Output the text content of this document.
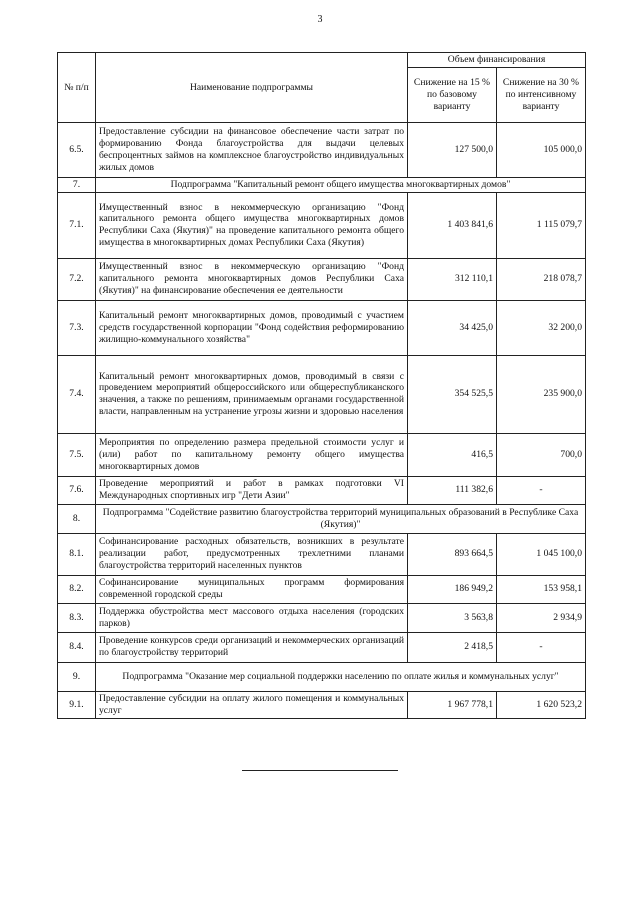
3
№ п/п	Наименование подпрограммы	Объем финансирования	
		Снижение на 15 % по базовому варианту	Снижение на 30 % по интенсивному варианту
6.5.	Предоставление субсидии на финансовое обеспечение части затрат по формированию Фонда благоустройства для выдачи целевых беспроцентных займов на комплексное благоустройство индивидуальных жилых домов	127 500,0	105 000,0
7.	Подпрограмма "Капитальный ремонт общего имущества многоквартирных домов"		
7.1.	Имущественный взнос в некоммерческую организацию "Фонд капитального ремонта общего имущества многоквартирных домов Республики Саха (Якутия)" на проведение капитального ремонта общего имущества в многоквартирных домах Республики Саха (Якутия)	1 403 841,6	1 115 079,7
7.2.	Имущественный взнос в некоммерческую организацию "Фонд капитального ремонта многоквартирных домов Республики Саха (Якутия)" на финансирование обеспечения ее деятельности	312 110,1	218 078,7
7.3.	Капитальный ремонт многоквартирных домов, проводимый с участием средств государственной корпорации "Фонд содействия реформированию жилищно-коммунального хозяйства"	34 425,0	32 200,0
7.4.	Капитальный ремонт многоквартирных домов, проводимый в связи с проведением мероприятий общероссийского или общереспубликанского значения, а также по решениям, принимаемым органами государственной власти, направленным на устранение угрозы жизни и здоровью населения	354 525,5	235 900,0
7.5.	Мероприятия по определению размера предельной стоимости услуг и (или) работ по капитальному ремонту общего имущества многоквартирных домов	416,5	700,0
7.6.	Проведение мероприятий и работ в рамках подготовки VI Международных спортивных игр "Дети Азии"	111 382,6	-
8.	Подпрограмма "Содействие развитию благоустройства территорий муниципальных образований в Республике Саха (Якутия)"		
8.1.	Софинансирование расходных обязательств, возникших в результате реализации работ, предусмотренных трехлетними планами благоустройства территорий населенных пунктов	893 664,5	1 045 100,0
8.2.	Софинансирование муниципальных программ формирования современной городской среды	186 949,2	153 958,1
8.3.	Поддержка обустройства мест массового отдыха населения (городских парков)	3 563,8	2 934,9
8.4.	Проведение конкурсов среди организаций и некоммерческих организаций по благоустройству территорий	2 418,5	-
9.	Подпрограмма "Оказание мер социальной поддержки населению по оплате жилья и коммунальных услуг"		
9.1.	Предоставление субсидии на оплату жилого помещения и коммунальных услуг	1 967 778,1	1 620 523,2
